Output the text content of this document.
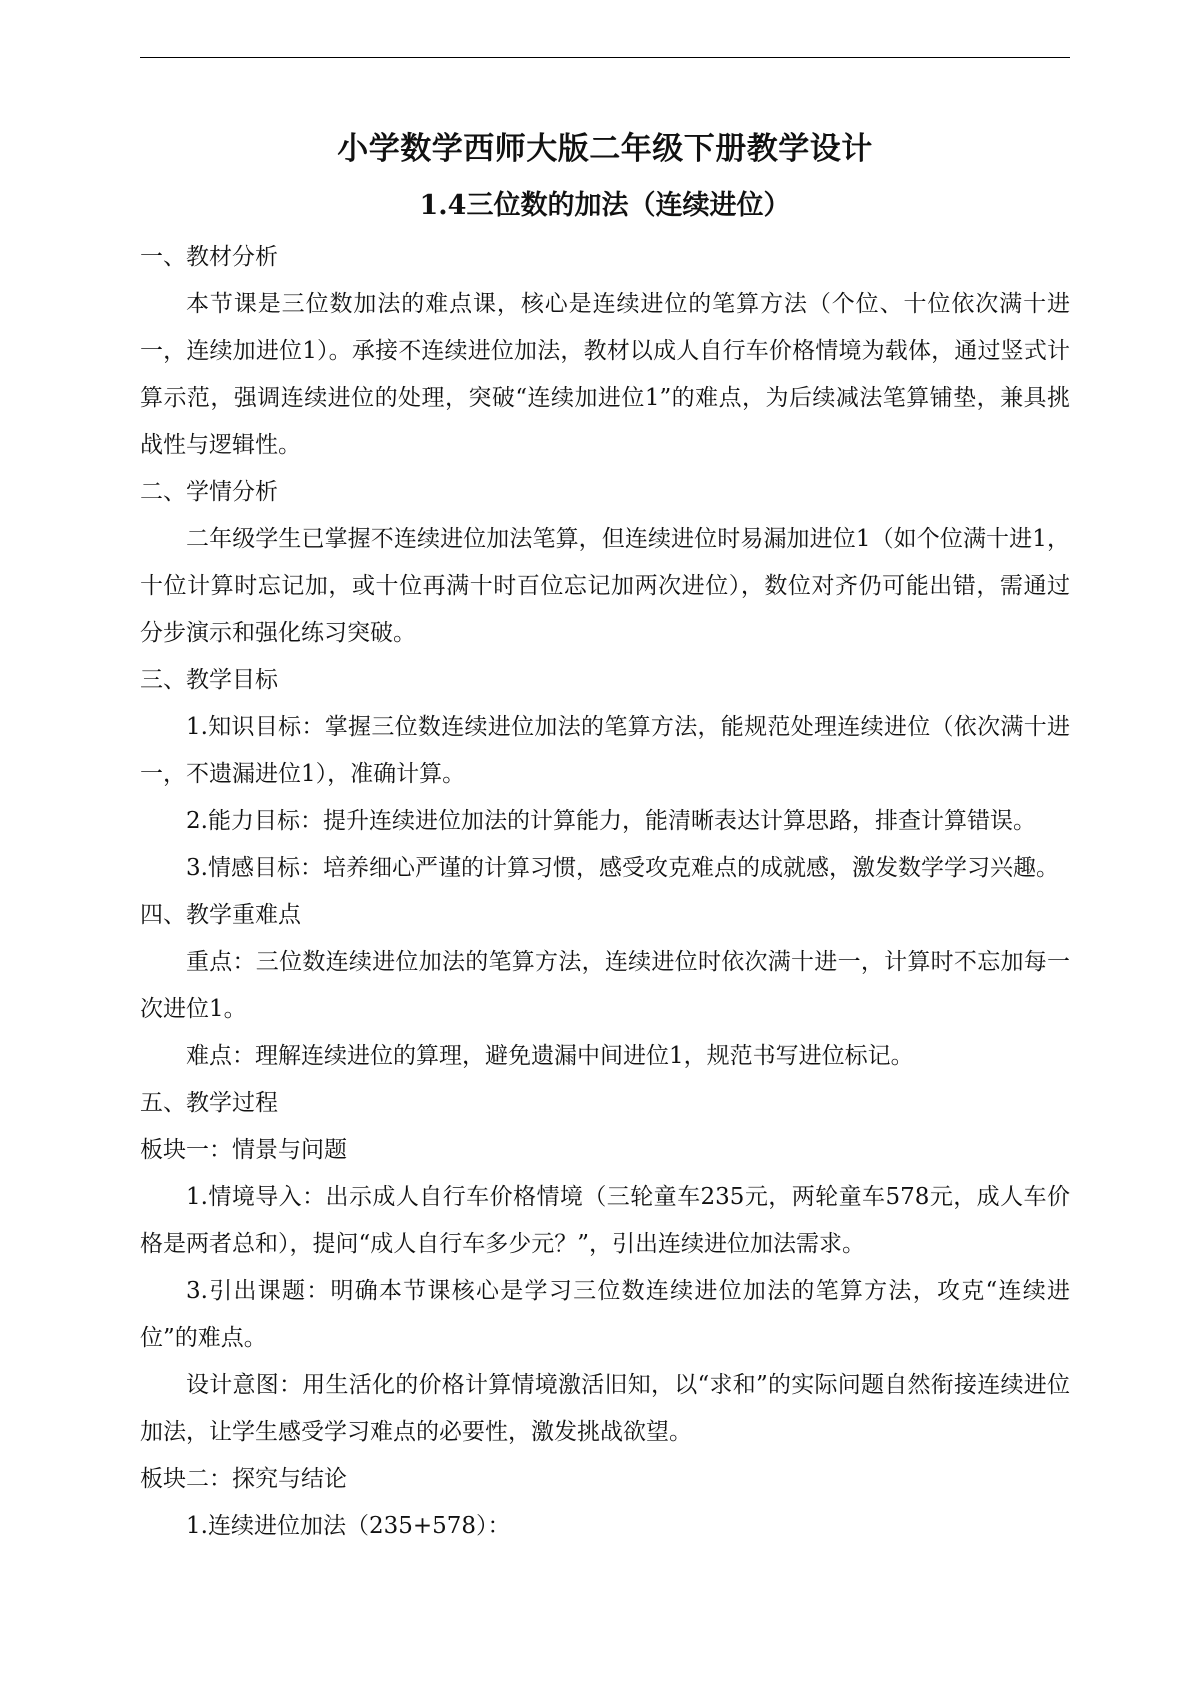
小学数学西师大版二年级下册教学设计
1.4三位数的加法（连续进位）

一、教材分析

本节课是三位数加法的难点课，核心是连续进位的笔算方法（个位、十位依次满十进一，连续加进位1）。承接不连续进位加法，教材以成人自行车价格情境为载体，通过竖式计算示范，强调连续进位的处理，突破“连续加进位1”的难点，为后续减法笔算铺垫，兼具挑战性与逻辑性。

二、学情分析

二年级学生已掌握不连续进位加法笔算，但连续进位时易漏加进位1（如个位满十进1，十位计算时忘记加，或十位再满十时百位忘记加两次进位），数位对齐仍可能出错，需通过分步演示和强化练习突破。

三、教学目标

1.知识目标：掌握三位数连续进位加法的笔算方法，能规范处理连续进位（依次满十进一，不遗漏进位1），准确计算。

2.能力目标：提升连续进位加法的计算能力，能清晰表达计算思路，排查计算错误。

3.情感目标：培养细心严谨的计算习惯，感受攻克难点的成就感，激发数学学习兴趣。

四、教学重难点

重点：三位数连续进位加法的笔算方法，连续进位时依次满十进一，计算时不忘加每一次进位1。

难点：理解连续进位的算理，避免遗漏中间进位1，规范书写进位标记。

五、教学过程

板块一：情景与问题

1.情境导入：出示成人自行车价格情境（三轮童车235元，两轮童车578元，成人车价格是两者总和），提问“成人自行车多少元？”，引出连续进位加法需求。

3.引出课题：明确本节课核心是学习三位数连续进位加法的笔算方法，攻克“连续进位”的难点。

设计意图：用生活化的价格计算情境激活旧知，以“求和”的实际问题自然衔接连续进位加法，让学生感受学习难点的必要性，激发挑战欲望。

板块二：探究与结论

1.连续进位加法（235+578）：
